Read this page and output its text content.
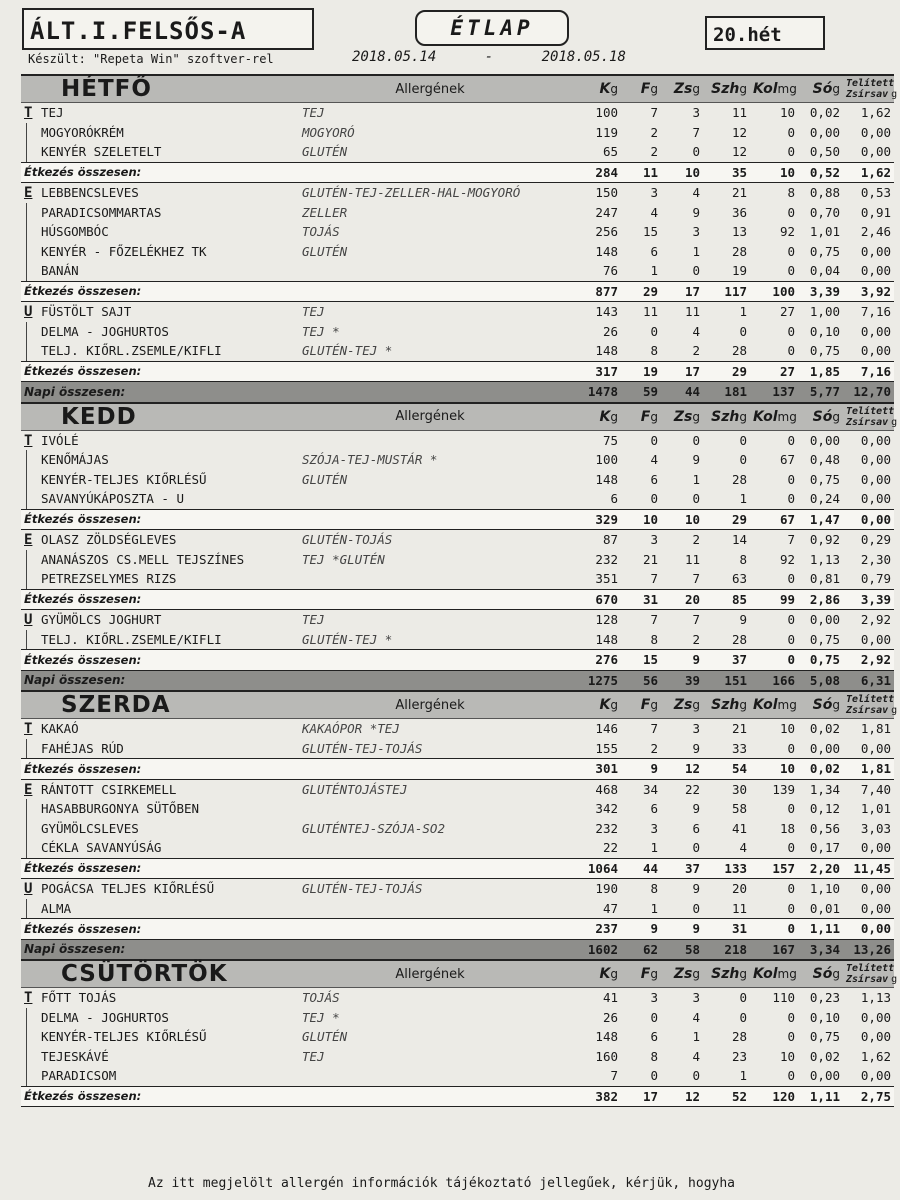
ÁLT.I.FELSŐS-A	ÉTLAP	20.hét
Készült: "Repeta Win" szoftver-rel	2018.05.14	-	2018.05.18
HÉTFŐ	Allergének	Kg	Fg	Zsg	Szhg	Kolmg	Sóg	Telített
Zsírsav g

T TEJ	TEJ	100	7	3	11	10	0,02	1,62

MOGYORÓKRÉM	MOGYORÓ	119	2	7	12	0	0,00	0,00

KENYÉR SZELETELT	GLUTÉN	65	2	0	12	0	0,50	0,00
Étkezés összesen:		284	11	10	35	10	0,52	1,62

E LEBBENCSLEVES	GLUTÉN-TEJ-ZELLER-HAL-MOGYORÓ	150	3	4	21	8	0,88	0,53

PARADICSOMMARTAS	ZELLER	247	4	9	36	0	0,70	0,91

HÚSGOMBÓC	TOJÁS	256	15	3	13	92	1,01	2,46

KENYÉR - FŐZELÉKHEZ TK	GLUTÉN	148	6	1	28	0	0,75	0,00

BANÁN		76	1	0	19	0	0,04	0,00
Étkezés összesen:		877	29	17	117	100	3,39	3,92

U FÜSTÖLT SAJT	TEJ	143	11	11	1	27	1,00	7,16

DELMA - JOGHURTOS	TEJ *	26	0	4	0	0	0,10	0,00

TELJ. KIŐRL.ZSEMLE/KIFLI	GLUTÉN-TEJ *	148	8	2	28	0	0,75	0,00
Étkezés összesen:		317	19	17	29	27	1,85	7,16
Napi összesen:		1478	59	44	181	137	5,77	12,70
KEDD	Allergének	Kg	Fg	Zsg	Szhg	Kolmg	Sóg	Telített
Zsírsav g

T IVÓLÉ		75	0	0	0	0	0,00	0,00

KENŐMÁJAS	SZÓJA-TEJ-MUSTÁR *	100	4	9	0	67	0,48	0,00

KENYÉR-TELJES KIŐRLÉSŰ	GLUTÉN	148	6	1	28	0	0,75	0,00

SAVANYÚKÁPOSZTA - U		6	0	0	1	0	0,24	0,00
Étkezés összesen:		329	10	10	29	67	1,47	0,00

E OLASZ ZÖLDSÉGLEVES	GLUTÉN-TOJÁS	87	3	2	14	7	0,92	0,29

ANANÁSZOS CS.MELL TEJSZÍNES	TEJ *GLUTÉN	232	21	11	8	92	1,13	2,30

PETREZSELYMES RIZS		351	7	7	63	0	0,81	0,79
Étkezés összesen:		670	31	20	85	99	2,86	3,39

U GYÜMÖLCS JOGHURT	TEJ	128	7	7	9	0	0,00	2,92

TELJ. KIŐRL.ZSEMLE/KIFLI	GLUTÉN-TEJ *	148	8	2	28	0	0,75	0,00
Étkezés összesen:		276	15	9	37	0	0,75	2,92
Napi összesen:		1275	56	39	151	166	5,08	6,31
SZERDA	Allergének	Kg	Fg	Zsg	Szhg	Kolmg	Sóg	Telített
Zsírsav g

T KAKAÓ	KAKAÓPOR *TEJ	146	7	3	21	10	0,02	1,81

FAHÉJAS RÚD	GLUTÉN-TEJ-TOJÁS	155	2	9	33	0	0,00	0,00
Étkezés összesen:		301	9	12	54	10	0,02	1,81

E RÁNTOTT CSIRKEMELL	GLUTÉNTOJÁSTEJ	468	34	22	30	139	1,34	7,40

HASABBURGONYA SÜTŐBEN		342	6	9	58	0	0,12	1,01

GYÜMÖLCSLEVES	GLUTÉNTEJ-SZÓJA-SO2	232	3	6	41	18	0,56	3,03

CÉKLA SAVANYÚSÁG		22	1	0	4	0	0,17	0,00
Étkezés összesen:		1064	44	37	133	157	2,20	11,45

U POGÁCSA TELJES KIŐRLÉSŰ	GLUTÉN-TEJ-TOJÁS	190	8	9	20	0	1,10	0,00

ALMA		47	1	0	11	0	0,01	0,00
Étkezés összesen:		237	9	9	31	0	1,11	0,00
Napi összesen:		1602	62	58	218	167	3,34	13,26
CSÜTÖRTÖK	Allergének	Kg	Fg	Zsg	Szhg	Kolmg	Sóg	Telített
Zsírsav g

T FŐTT TOJÁS	TOJÁS	41	3	3	0	110	0,23	1,13

DELMA - JOGHURTOS	TEJ *	26	0	4	0	0	0,10	0,00

KENYÉR-TELJES KIŐRLÉSŰ	GLUTÉN	148	6	1	28	0	0,75	0,00

TEJESKÁVÉ	TEJ	160	8	4	23	10	0,02	1,62

PARADICSOM		7	0	0	1	0	0,00	0,00
Étkezés összesen:		382	17	12	52	120	1,11	2,75
Az itt megjelölt allergén információk tájékoztató jellegűek, kérjük, hogyha
